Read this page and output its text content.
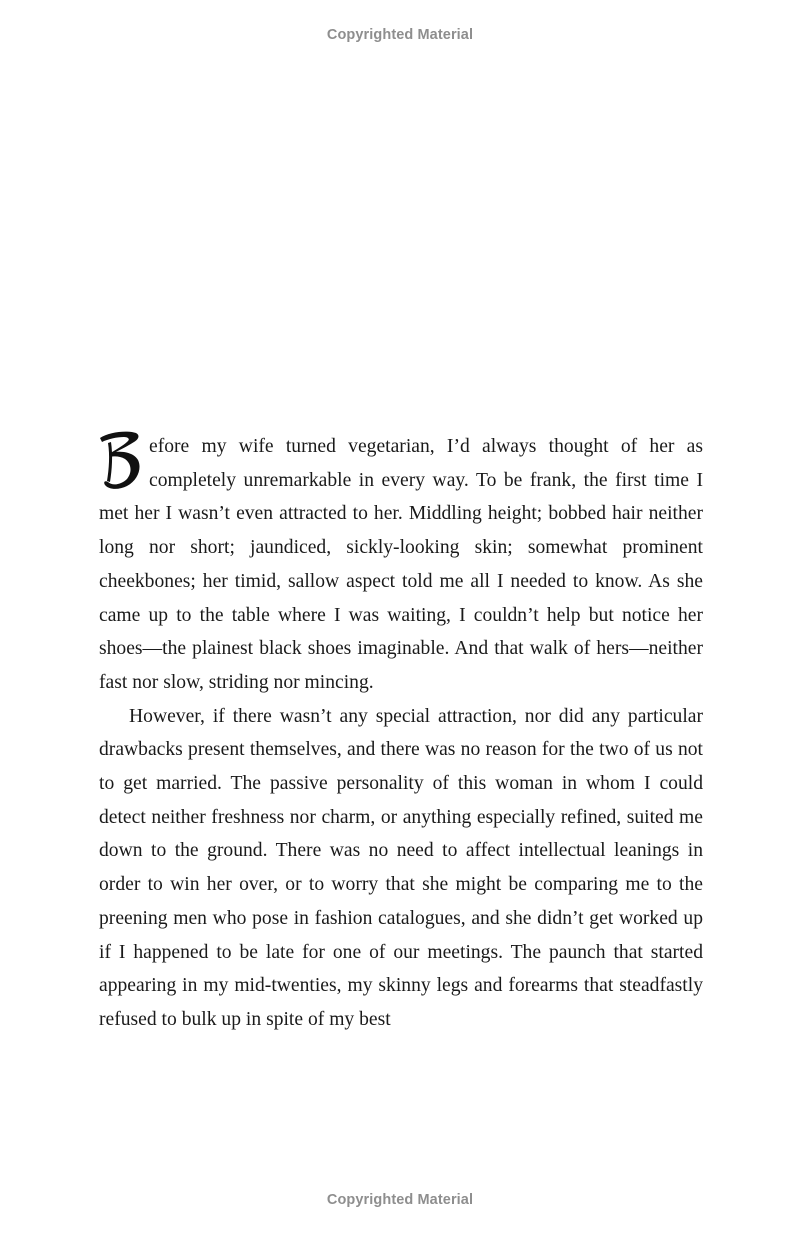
Copyrighted Material

efore my wife turned vegetarian, I’d always thought of her as completely unremarkable in every way. To be frank, the first time I met her I wasn’t even attracted to her. Middling height; bobbed hair neither long nor short; jaundiced, sickly-looking skin; somewhat prominent cheekbones; her timid, sallow aspect told me all I needed to know. As she came up to the table where I was waiting, I couldn’t help but notice her shoes—the plainest black shoes imaginable. And that walk of hers—neither fast nor slow, striding nor mincing.

However, if there wasn’t any special attraction, nor did any particular drawbacks present themselves, and there was no reason for the two of us not to get married. The passive personality of this woman in whom I could detect neither freshness nor charm, or anything especially refined, suited me down to the ground. There was no need to affect intellectual leanings in order to win her over, or to worry that she might be comparing me to the preening men who pose in fashion catalogues, and she didn’t get worked up if I happened to be late for one of our meetings. The paunch that started appearing in my mid-twenties, my skinny legs and forearms that steadfastly refused to bulk up in spite of my best

Copyrighted Material
